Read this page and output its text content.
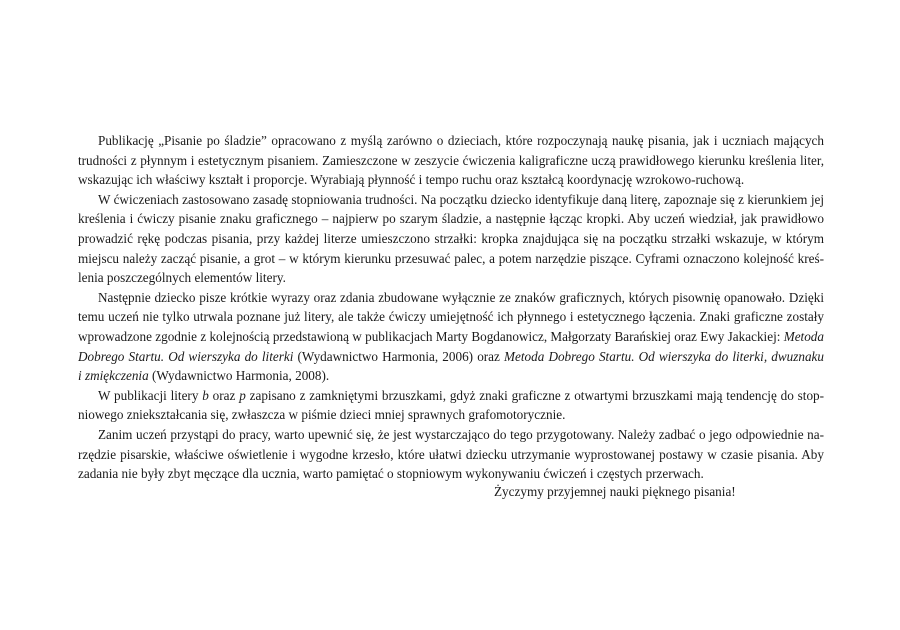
Publikację „Pisanie po śladzie” opracowano z myślą zarówno o dzieciach, które rozpoczynają naukę pisania, jak i uczniach mających
trudności z płynnym i estetycznym pisaniem. Zamieszczone w zeszycie ćwiczenia kaligraficzne uczą prawidłowego kierunku kreślenia liter,
wskazując ich właściwy kształt i proporcje. Wyrabiają płynność i tempo ruchu oraz kształcą koordynację wzrokowo-ruchową.

W ćwiczeniach zastosowano zasadę stopniowania trudności. Na początku dziecko identyfikuje daną literę, zapoznaje się z kierunkiem jej
kreślenia i ćwiczy pisanie znaku graficznego – najpierw po szarym śladzie, a następnie łącząc kropki. Aby uczeń wiedział, jak prawidłowo
prowadzić rękę podczas pisania, przy każdej literze umieszczono strzałki: kropka znajdująca się na początku strzałki wskazuje, w którym
miejscu należy zacząć pisanie, a grot – w którym kierunku przesuwać palec, a potem narzędzie piszące. Cyframi oznaczono kolejność kreś-
lenia poszczególnych elementów litery.

Następnie dziecko pisze krótkie wyrazy oraz zdania zbudowane wyłącznie ze znaków graficznych, których pisownię opanowało. Dzięki
temu uczeń nie tylko utrwala poznane już litery, ale także ćwiczy umiejętność ich płynnego i estetycznego łączenia. Znaki graficzne zostały
wprowadzone zgodnie z kolejnością przedstawioną w publikacjach Marty Bogdanowicz, Małgorzaty Barańskiej oraz Ewy Jakackiej: Metoda
Dobrego Startu. Od wierszyka do literki (Wydawnictwo Harmonia, 2006) oraz Metoda Dobrego Startu. Od wierszyka do literki, dwuznaku
i zmiękczenia (Wydawnictwo Harmonia, 2008).

W publikacji litery b oraz p zapisano z zamkniętymi brzuszkami, gdyż znaki graficzne z otwartymi brzuszkami mają tendencję do stop-
niowego zniekształcania się, zwłaszcza w piśmie dzieci mniej sprawnych grafomotorycznie.

Zanim uczeń przystąpi do pracy, warto upewnić się, że jest wystarczająco do tego przygotowany. Należy zadbać o jego odpowiednie na-
rzędzie pisarskie, właściwe oświetlenie i wygodne krzesło, które ułatwi dziecku utrzymanie wyprostowanej postawy w czasie pisania. Aby
zadania nie były zbyt męczące dla ucznia, warto pamiętać o stopniowym wykonywaniu ćwiczeń i częstych przerwach.

Życzymy przyjemnej nauki pięknego pisania!
